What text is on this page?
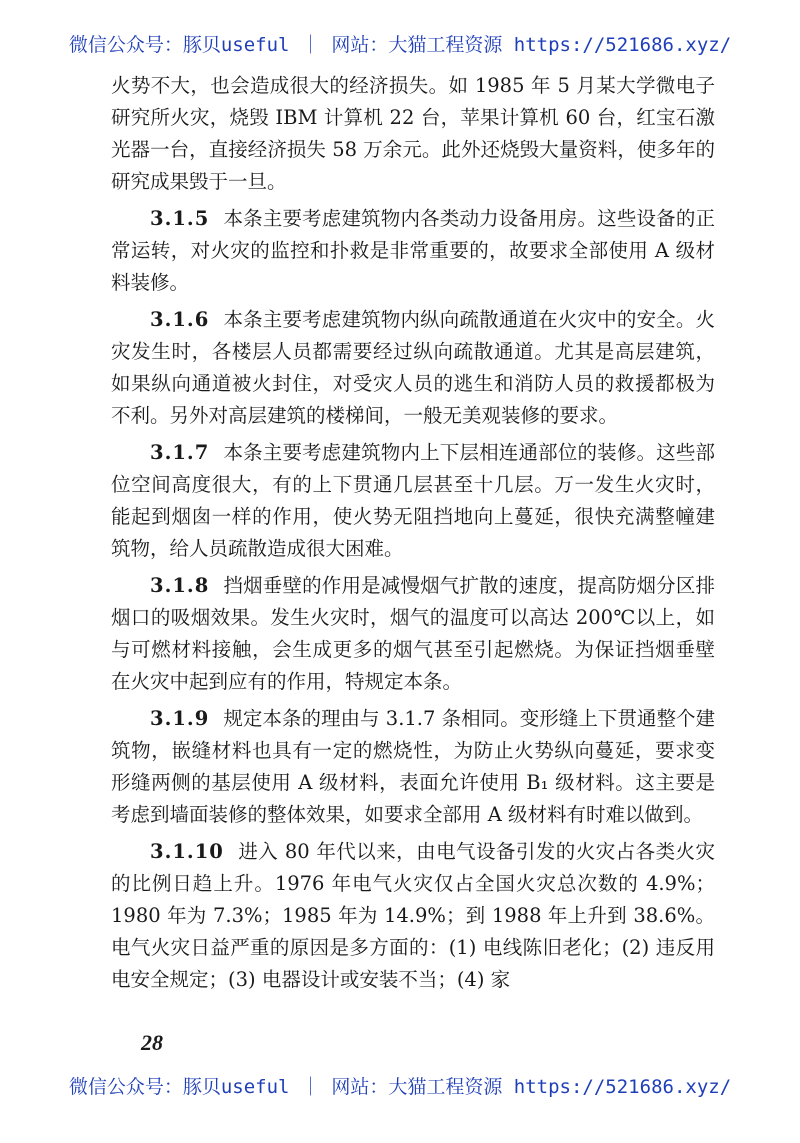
微信公众号：豚贝useful ｜ 网站：大猫工程资源 https://521686.xyz/

火势不大，也会造成很大的经济损失。如 1985 年 5 月某大学微电子研究所火灾，烧毁 IBM 计算机 22 台，苹果计算机 60 台，红宝石激光器一台，直接经济损失 58 万余元。此外还烧毁大量资料，使多年的研究成果毁于一旦。

3.1.5 本条主要考虑建筑物内各类动力设备用房。这些设备的正常运转，对火灾的监控和扑救是非常重要的，故要求全部使用 A 级材料装修。

3.1.6 本条主要考虑建筑物内纵向疏散通道在火灾中的安全。火灾发生时，各楼层人员都需要经过纵向疏散通道。尤其是高层建筑，如果纵向通道被火封住，对受灾人员的逃生和消防人员的救援都极为不利。另外对高层建筑的楼梯间，一般无美观装修的要求。

3.1.7 本条主要考虑建筑物内上下层相连通部位的装修。这些部位空间高度很大，有的上下贯通几层甚至十几层。万一发生火灾时，能起到烟囱一样的作用，使火势无阻挡地向上蔓延，很快充满整幢建筑物，给人员疏散造成很大困难。

3.1.8 挡烟垂壁的作用是减慢烟气扩散的速度，提高防烟分区排烟口的吸烟效果。发生火灾时，烟气的温度可以高达 200℃以上，如与可燃材料接触，会生成更多的烟气甚至引起燃烧。为保证挡烟垂壁在火灾中起到应有的作用，特规定本条。

3.1.9 规定本条的理由与 3.1.7 条相同。变形缝上下贯通整个建筑物，嵌缝材料也具有一定的燃烧性，为防止火势纵向蔓延，要求变形缝两侧的基层使用 A 级材料，表面允许使用 B₁ 级材料。这主要是考虑到墙面装修的整体效果，如要求全部用 A 级材料有时难以做到。

3.1.10 进入 80 年代以来，由电气设备引发的火灾占各类火灾的比例日趋上升。1976 年电气火灾仅占全国火灾总次数的 4.9%；1980 年为 7.3%；1985 年为 14.9%；到 1988 年上升到 38.6%。电气火灾日益严重的原因是多方面的：(1) 电线陈旧老化；(2) 违反用电安全规定；(3) 电器设计或安装不当；(4) 家

28
微信公众号：豚贝useful ｜ 网站：大猫工程资源 https://521686.xyz/
